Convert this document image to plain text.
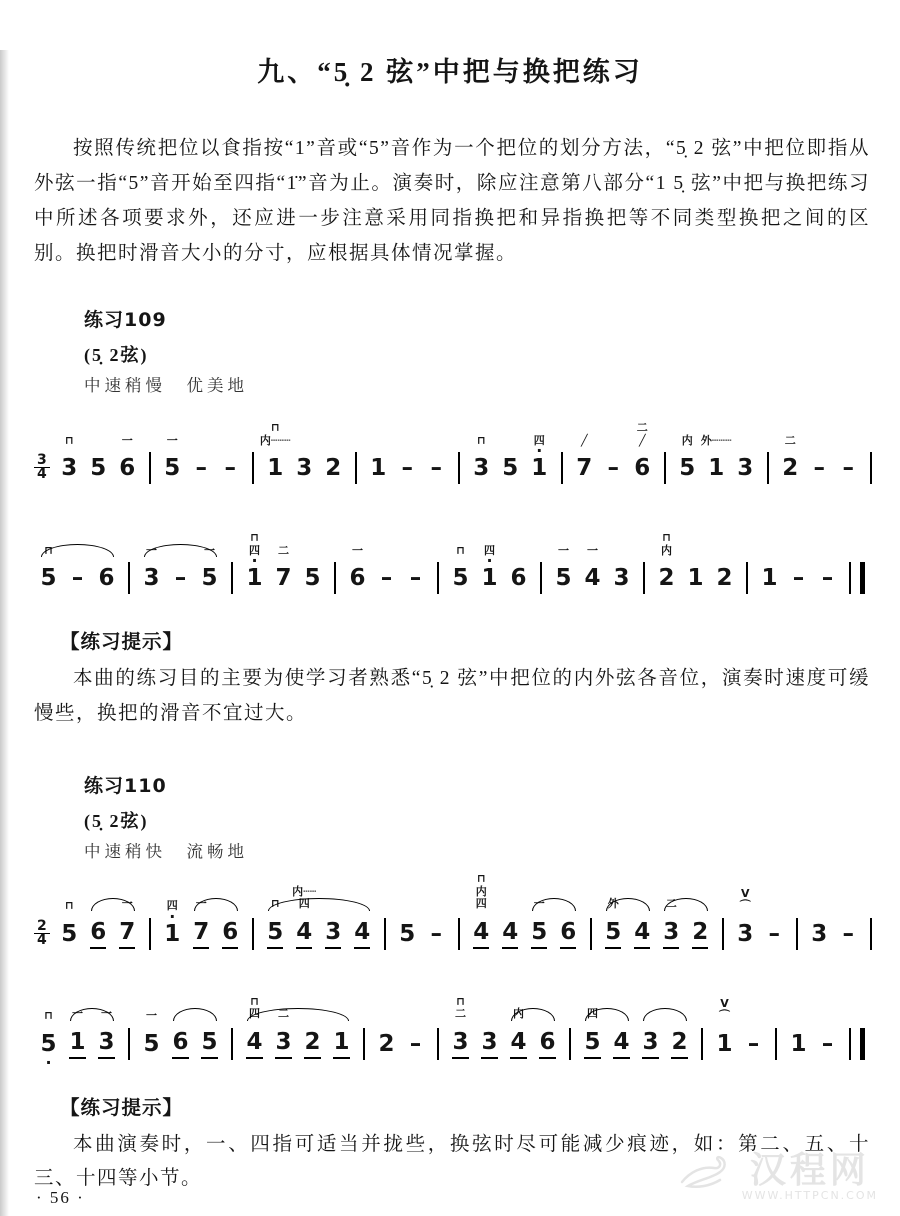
九、“5̣ 2 弦”中把与换把练习
按照传统把位以食指按“1”音或“5”音作为一个把位的划分方法，“5̣ 2 弦”中把位即指从外弦一指“5”音开始至四指“1̇”音为止。演奏时，除应注意第八部分“1 5̣ 弦”中把与换把练习中所述各项要求外，还应进一步注意采用同指换把和异指换把等不同类型换把之间的区别。换把时滑音大小的分寸，应根据具体情况掌握。
练习109
(5̣ 2弦)
中速稍慢　优美地
3
4
⊓

3

5

一

6

一

5

–

–

⊓
内┄┄┄

1

3

2

1

–

–

⊓

3

5

四
·
1

╱

7

–

二
╱

6

内

5

外┄┄┄

1

3

二

2

–

–

⊓

5

–

6

一

3

–

一

5

⊓
四
·
1

二

7

5

一

6

–

–

⊓

5

四
·
1

6

一

5

一

4

3

⊓
内

2

1

2

1

–

–

【练习提示】
本曲的练习目的主要为使学习者熟悉“5̣ 2 弦”中把位的内外弦各音位，演奏时速度可缓慢些，换把的滑音不宜过大。
练习110
(5̣ 2弦)
中速稍快　流畅地
2
4
⊓

5

6

一

7

四
·
1

一

7

6

⊓

5

内┄┄
四

4

3

4

5

–

⊓
内
四

4

4

一

5

6

外

5

4

二

3

2

V
⌒

3

–

3

–

⊓

5
·
一

1

一

3

一

5

6

5

⊓
四

4

二

3

2

1

2

–

⊓
二

3

3

内

4

6

四

5

4

3

2

V
⌒

1

–

1

–

【练习提示】
本曲演奏时，一、四指可适当并拢些，换弦时尽可能减少痕迹，如：第二、五、十三、十四等小节。
· 56 ·
汉程网
WWW.HTTPCN.COM
